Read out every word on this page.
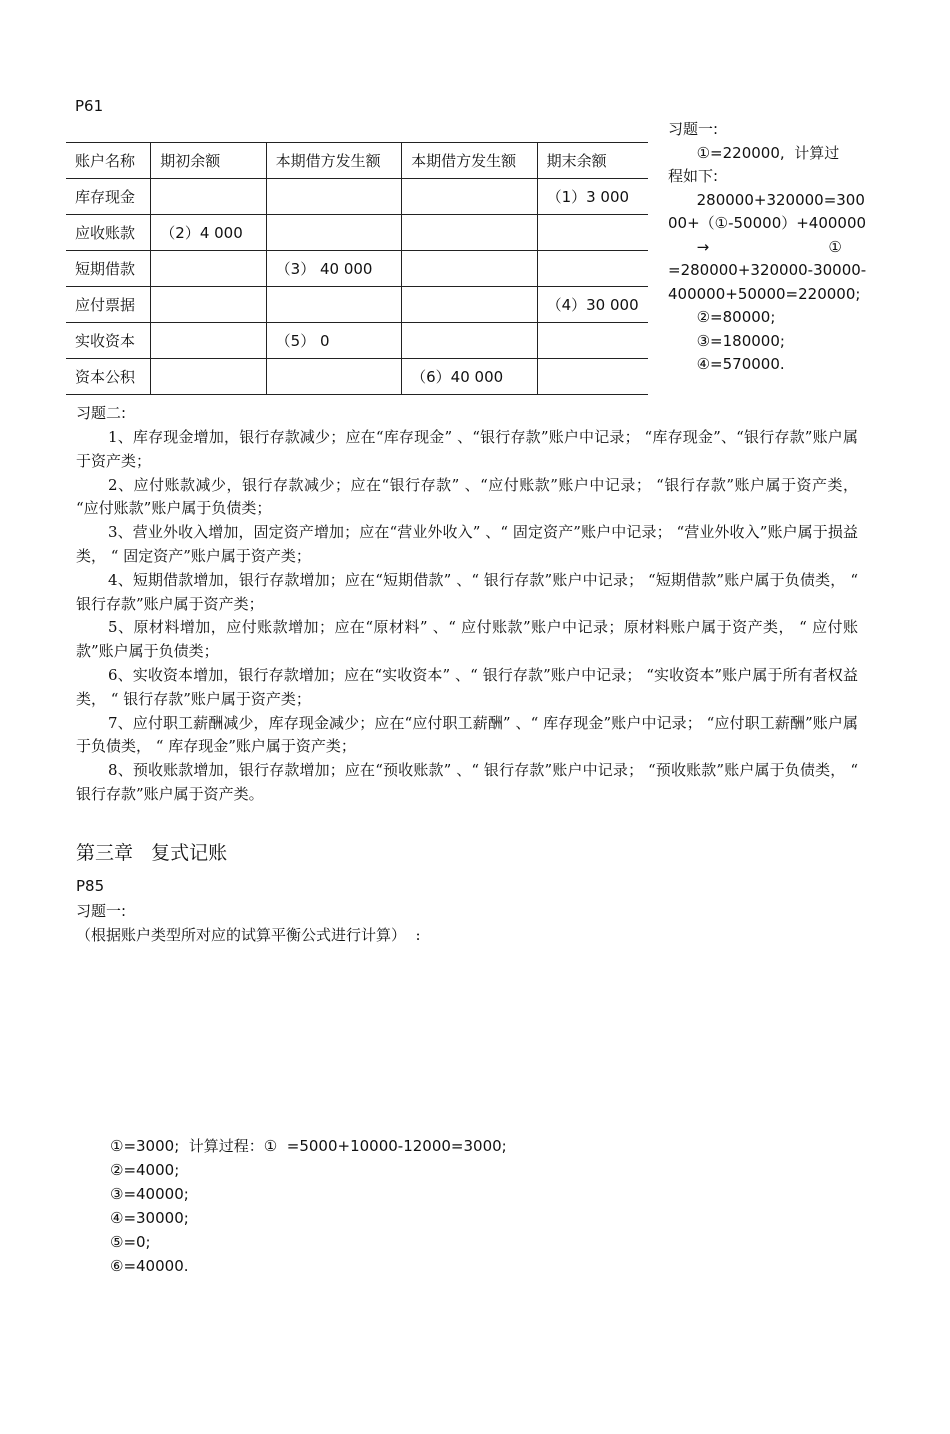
P61
账户名称	期初余额	本期借方发生额	本期借方发生额	期末余额
库存现金				（1）3 000
应收账款	（2）4 000			
短期借款		（3） 40 000		
应付票据				（4）30 000
实收资本		（5） 0		
资本公积			（6）40 000	
习题一:
①=220000,  计算过
程如下:
280000+320000=300
00+（①-50000）+400000
→                         ①
=280000+320000-30000-
400000+50000=220000;
②=80000;
③=180000;
④=570000.
习题二:

1、库存现金增加，银行存款减少；应在“库存现金” 、“银行存款”账户中记录； “库存现金”、“银行存款”账户属于资产类；

2、应付账款减少，银行存款减少；应在“银行存款” 、“应付账款”账户中记录； “银行存款”账户属于资产类， “应付账款”账户属于负债类；

3、营业外收入增加，固定资产增加；应在“营业外收入” 、“ 固定资产”账户中记录； “营业外收入”账户属于损益类， “ 固定资产”账户属于资产类；

4、短期借款增加，银行存款增加；应在“短期借款” 、“ 银行存款”账户中记录； “短期借款”账户属于负债类， “ 银行存款”账户属于资产类；

5、原材料增加，应付账款增加；应在“原材料” 、“ 应付账款”账户中记录；原材料账户属于资产类， “ 应付账款”账户属于负债类；

6、实收资本增加，银行存款增加；应在“实收资本” 、“ 银行存款”账户中记录； “实收资本”账户属于所有者权益类， “ 银行存款”账户属于资产类；

7、应付职工薪酬减少，库存现金减少；应在“应付职工薪酬” 、“ 库存现金”账户中记录； “应付职工薪酬”账户属于负债类， “ 库存现金”账户属于资产类；

8、预收账款增加，银行存款增加；应在“预收账款” 、“ 银行存款”账户中记录； “预收账款”账户属于负债类， “ 银行存款”账户属于资产类。

第三章   复式记账
P85
习题一:
（根据账户类型所对应的试算平衡公式进行计算）  :
①=3000;  计算过程：①  =5000+10000-12000=3000;
②=4000;
③=40000;
④=30000;
⑤=0;
⑥=40000.
